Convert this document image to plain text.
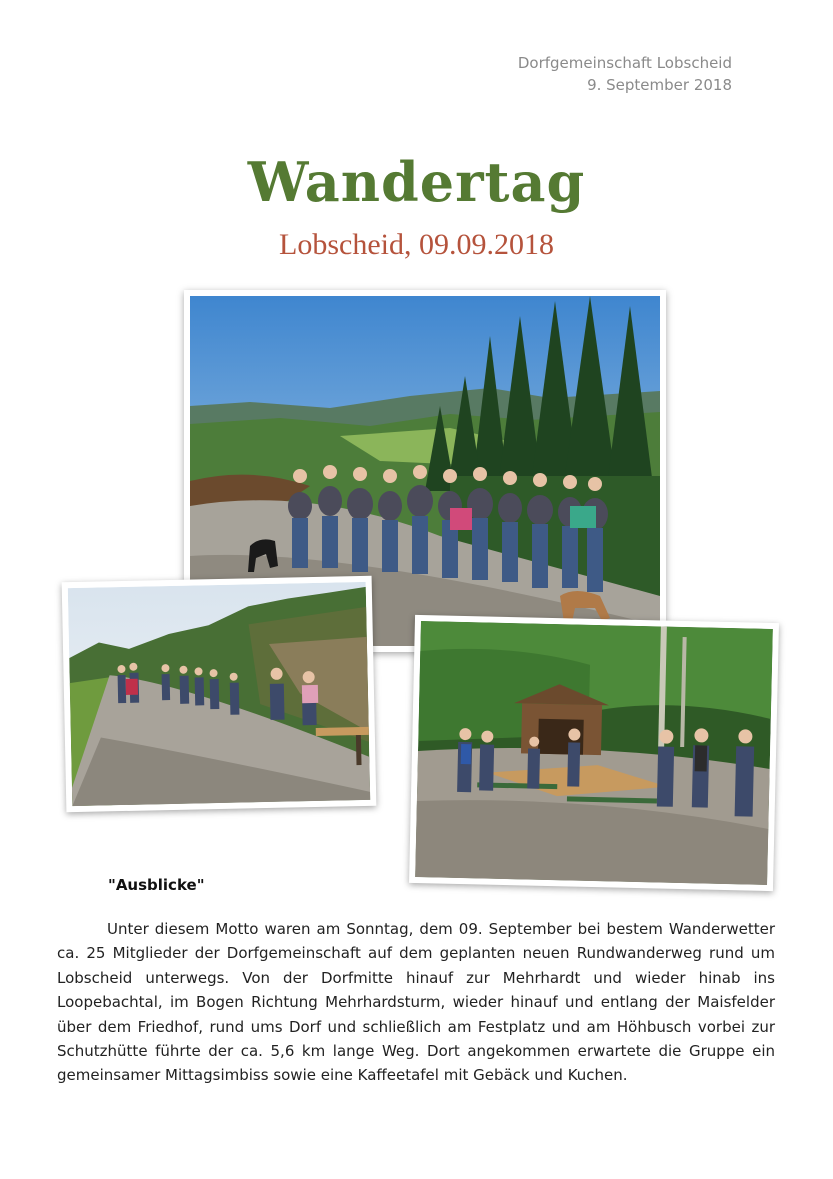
Dorfgemeinschaft Lobscheid
9. September 2018
Wandertag
Lobscheid, 09.09.2018
"Ausblicke"

Unter diesem Motto waren am Sonntag, dem 09. September bei bestem Wanderwetter ca. 25 Mitglieder der Dorfgemeinschaft auf dem geplanten neuen Rundwanderweg rund um Lobscheid unterwegs. Von der Dorfmitte hinauf zur Mehrhardt und wieder hinab ins Loopebachtal, im Bogen Richtung Mehrhardsturm, wieder hinauf und entlang der Maisfelder über dem Friedhof, rund ums Dorf und schließlich am Festplatz und am Höhbusch vorbei zur Schutzhütte führte der ca. 5,6 km lange Weg. Dort angekommen erwartete die Gruppe ein gemeinsamer Mittagsimbiss sowie eine Kaffeetafel mit Gebäck und Kuchen.
